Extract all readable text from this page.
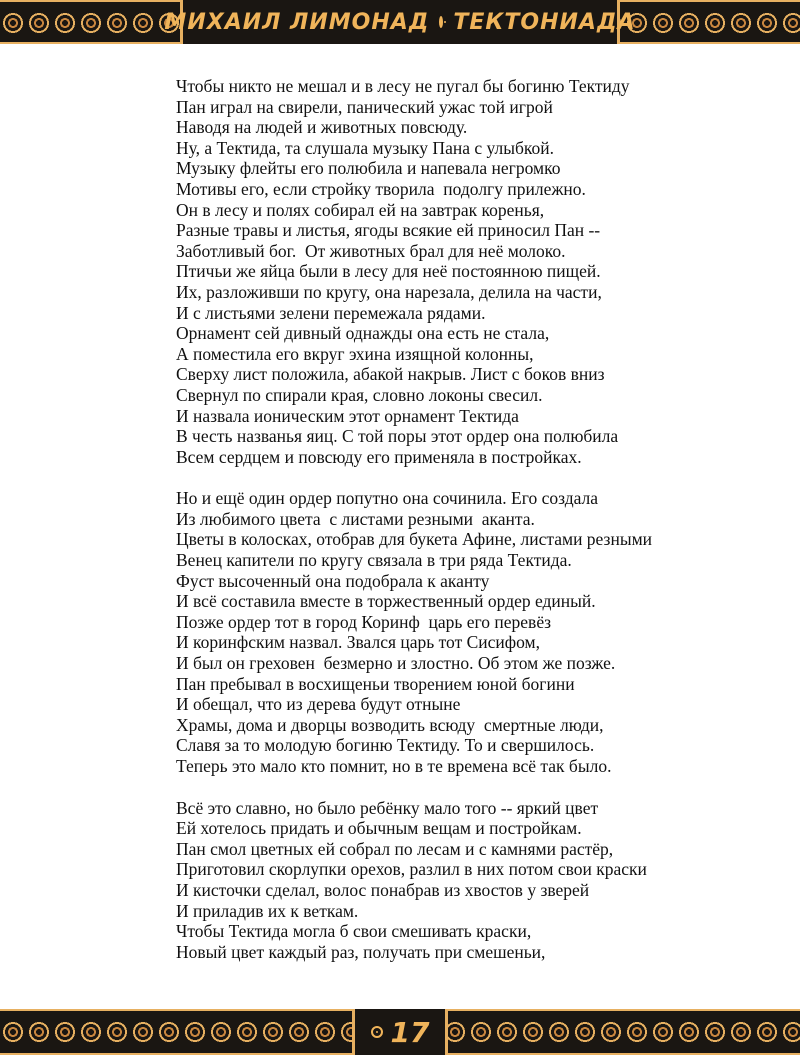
МИХАИЛ ЛИМОНАД ТЕКТОНИАДА
Чтобы никто не мешал и в лесу не пугал бы богиню Тектиду
Пан играл на свирели, панический ужас той игрой
Наводя на людей и животных повсюду.
Ну, а Тектида, та слушала музыку Пана с улыбкой.
Музыку флейты его полюбила и напевала негромко
Мотивы его, если стройку творила  подолгу прилежно.
Он в лесу и полях собирал ей на завтрак коренья,
Разные травы и листья, ягоды всякие ей приносил Пан --
Заботливый бог.  От животных брал для неё молоко.
Птичьи же яйца были в лесу для неё постоянною пищей.
Их, разложивши по кругу, она нарезала, делила на части,
И с листьями зелени перемежала рядами.
Орнамент сей дивный однажды она есть не стала,
А поместила его вкруг эхина изящной колонны,
Сверху лист положила, абакой накрыв. Лист с боков вниз
Свернул по спирали края, словно локоны свесил.
И назвала ионическим этот орнамент Тектида
В честь названья яиц. С той поры этот ордер она полюбила
Всем сердцем и повсюду его применяла в постройках.
Но и ещё один ордер попутно она сочинила. Его создала
Из любимого цвета  с листами резными  аканта.
Цветы в колосках, отобрав для букета Афине, листами резными
Венец капители по кругу связала в три ряда Тектида.
Фуст высоченный она подобрала к аканту
И всё составила вместе в торжественный ордер единый.
Позже ордер тот в город Коринф  царь его перевёз
И коринфским назвал. Звался царь тот Сисифом,
И был он греховен  безмерно и злостно. Об этом же позже.
Пан пребывал в восхищеньи творением юной богини
И обещал, что из дерева будут отныне
Храмы, дома и дворцы возводить всюду  смертные люди,
Славя за то молодую богиню Тектиду. То и свершилось.
Теперь это мало кто помнит, но в те времена всё так было.
Всё это славно, но было ребёнку мало того -- яркий цвет
Ей хотелось придать и обычным вещам и постройкам.
Пан смол цветных ей собрал по лесам и с камнями растёр,
Приготовил скорлупки орехов, разлил в них потом свои краски
И кисточки сделал, волос понабрав из хвостов у зверей
И приладив их к веткам.
Чтобы Тектида могла б свои смешивать краски,
Новый цвет каждый раз, получать при смешеньи,
17
